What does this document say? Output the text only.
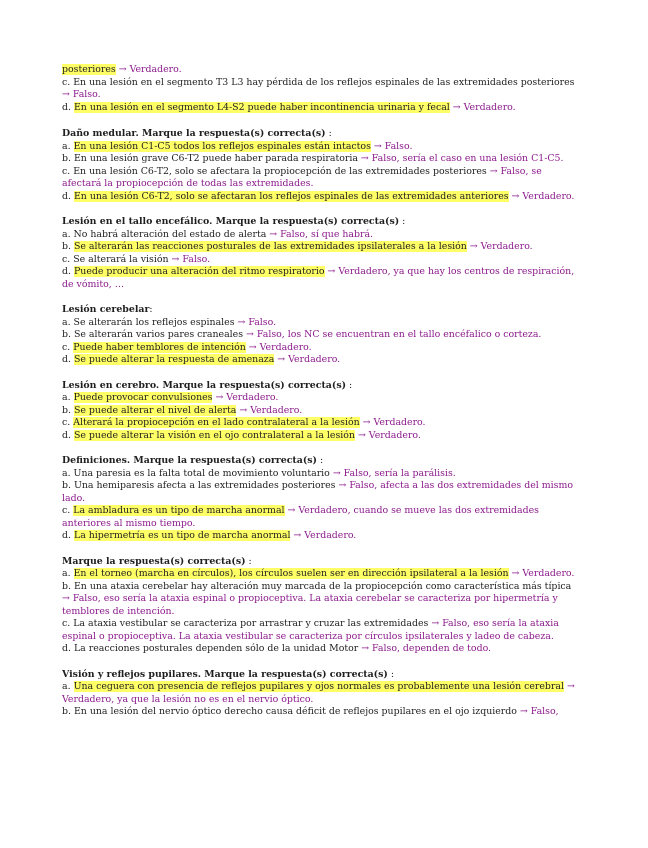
posteriores → Verdadero.

c. En una lesión en el segmento T3 L3 hay pérdida de los reflejos espinales de las extremidades posteriores → Falso.

d. En una lesión en el segmento L4-S2 puede haber incontinencia urinaria y fecal → Verdadero.

Daño medular. Marque la respuesta(s) correcta(s) :

a. En una lesión C1-C5 todos los reflejos espinales están intactos → Falso.

b. En una lesión grave C6-T2 puede haber parada respiratoria → Falso, sería el caso en una lesión C1-C5.

c. En una lesión C6-T2, solo se afectara la propiocepción de las extremidades posteriores → Falso, se afectará la propiocepción de todas las extremidades.

d. En una lesión C6-T2, solo se afectaran los reflejos espinales de las extremidades anteriores → Verdadero.

Lesión en el tallo encefálico. Marque la respuesta(s) correcta(s) :

a. No habrá alteración del estado de alerta → Falso, sí que habrá.

b. Se alterarán las reacciones posturales de las extremidades ipsilaterales a la lesión → Verdadero.

c. Se alterará la visión → Falso.

d. Puede producir una alteración del ritmo respiratorio → Verdadero, ya que hay los centros de respiración, de vómito, …

Lesión cerebelar:

a. Se alterarán los reflejos espinales → Falso.

b. Se alterarán varios pares craneales → Falso, los NC se encuentran en el tallo encéfalico o corteza.

c. Puede haber temblores de intención → Verdadero.

d. Se puede alterar la respuesta de amenaza → Verdadero.

Lesión en cerebro. Marque la respuesta(s) correcta(s) :

a. Puede provocar convulsiones → Verdadero.

b. Se puede alterar el nivel de alerta → Verdadero.

c. Alterará la propiocepción en el lado contralateral a la lesión → Verdadero.

d. Se puede alterar la visión en el ojo contralateral a la lesión → Verdadero.

Definiciones. Marque la respuesta(s) correcta(s) :

a. Una paresia es la falta total de movimiento voluntario → Falso, sería la parálisis.

b. Una hemiparesis afecta a las extremidades posteriores → Falso, afecta a las dos extremidades del mismo lado.

c. La ambladura es un tipo de marcha anormal → Verdadero, cuando se mueve las dos extremidades anteriores al mismo tiempo.

d. La hipermetría es un tipo de marcha anormal → Verdadero.

Marque la respuesta(s) correcta(s) :

a. En el torneo (marcha en círculos), los círculos suelen ser en dirección ipsilateral a la lesión → Verdadero.

b. En una ataxia cerebelar hay alteración muy marcada de la propiocepción como característica más típica → Falso, eso sería la ataxia espinal o propioceptiva. La ataxia cerebelar se caracteriza por hipermetría y temblores de intención.

c. La ataxia vestibular se caracteriza por arrastrar y cruzar las extremidades → Falso, eso sería la ataxia espinal o propioceptiva. La ataxia vestibular se caracteriza por círculos ipsilaterales y ladeo de cabeza.

d. La reacciones posturales dependen sólo de la unidad Motor → Falso, dependen de todo.

Visión y reflejos pupilares. Marque la respuesta(s) correcta(s) :

a. Una ceguera con presencia de reflejos pupilares y ojos normales es probablemente una lesión cerebral → Verdadero, ya que la lesión no es en el nervio óptico.

b. En una lesión del nervio óptico derecho causa déficit de reflejos pupilares en el ojo izquierdo → Falso,
